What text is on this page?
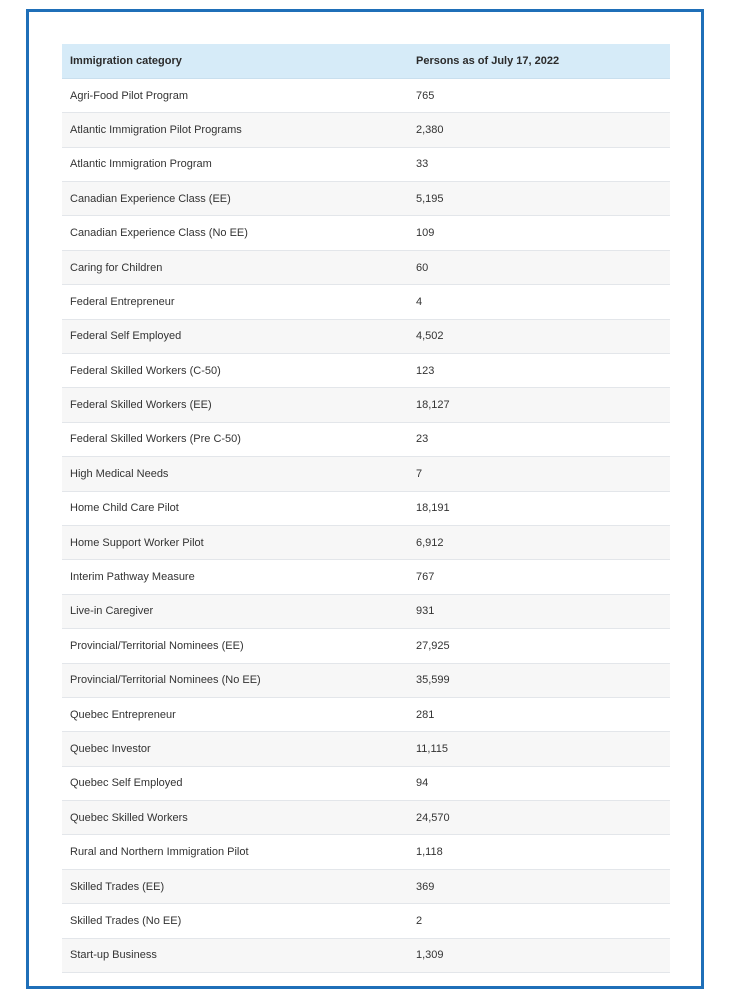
Immigration category	Persons as of July 17, 2022
Agri-Food Pilot Program	765
Atlantic Immigration Pilot Programs	2,380
Atlantic Immigration Program	33
Canadian Experience Class (EE)	5,195
Canadian Experience Class (No EE)	109
Caring for Children	60
Federal Entrepreneur	4
Federal Self Employed	4,502
Federal Skilled Workers (C-50)	123
Federal Skilled Workers (EE)	18,127
Federal Skilled Workers (Pre C-50)	23
High Medical Needs	7
Home Child Care Pilot	18,191
Home Support Worker Pilot	6,912
Interim Pathway Measure	767
Live-in Caregiver	931
Provincial/Territorial Nominees (EE)	27,925
Provincial/Territorial Nominees (No EE)	35,599
Quebec Entrepreneur	281
Quebec Investor	11,115
Quebec Self Employed	94
Quebec Skilled Workers	24,570
Rural and Northern Immigration Pilot	1,118
Skilled Trades (EE)	369
Skilled Trades (No EE)	2
Start-up Business	1,309
